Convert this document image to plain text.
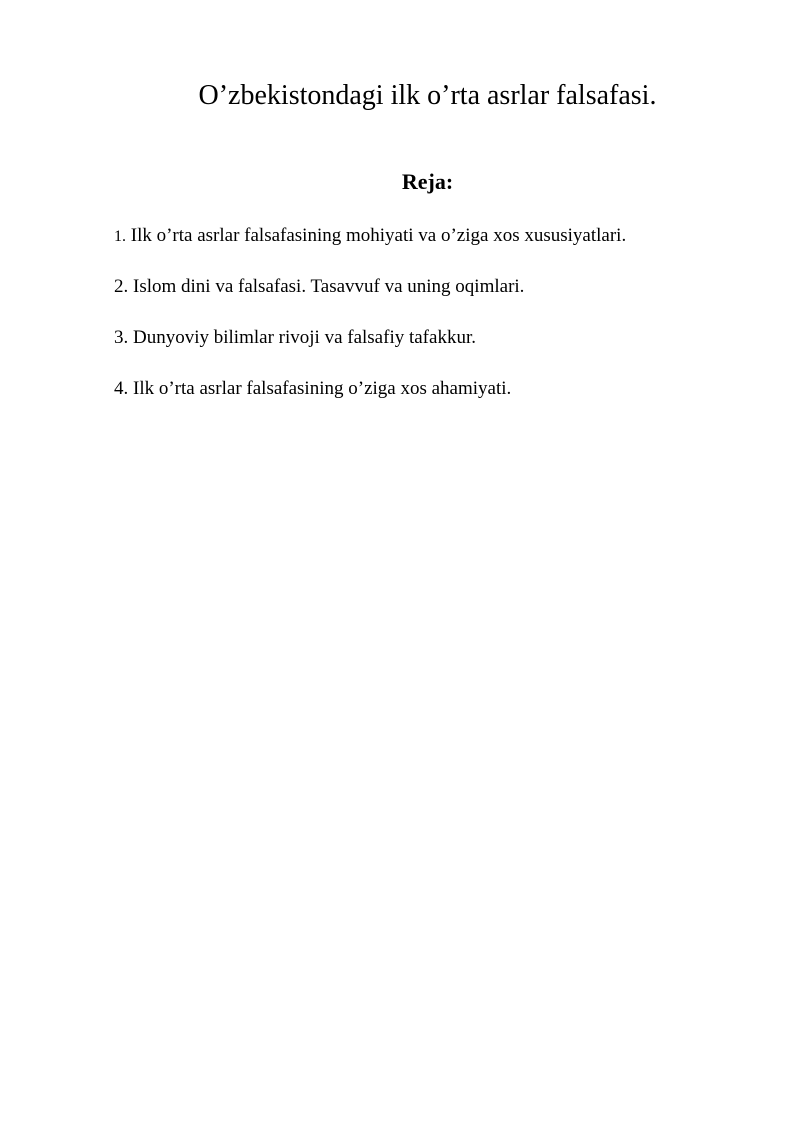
O’zbekistondagi ilk o’rta asrlar falsafasi.
Reja:
1. Ilk o’rta asrlar falsafasining mohiyati va o’ziga xos xususiyatlari.
2. Islom dini va falsafasi. Tasavvuf va uning oqimlari.
3. Dunyoviy bilimlar rivoji va falsafiy tafakkur.
4. Ilk o’rta asrlar falsafasining o’ziga xos ahamiyati.
